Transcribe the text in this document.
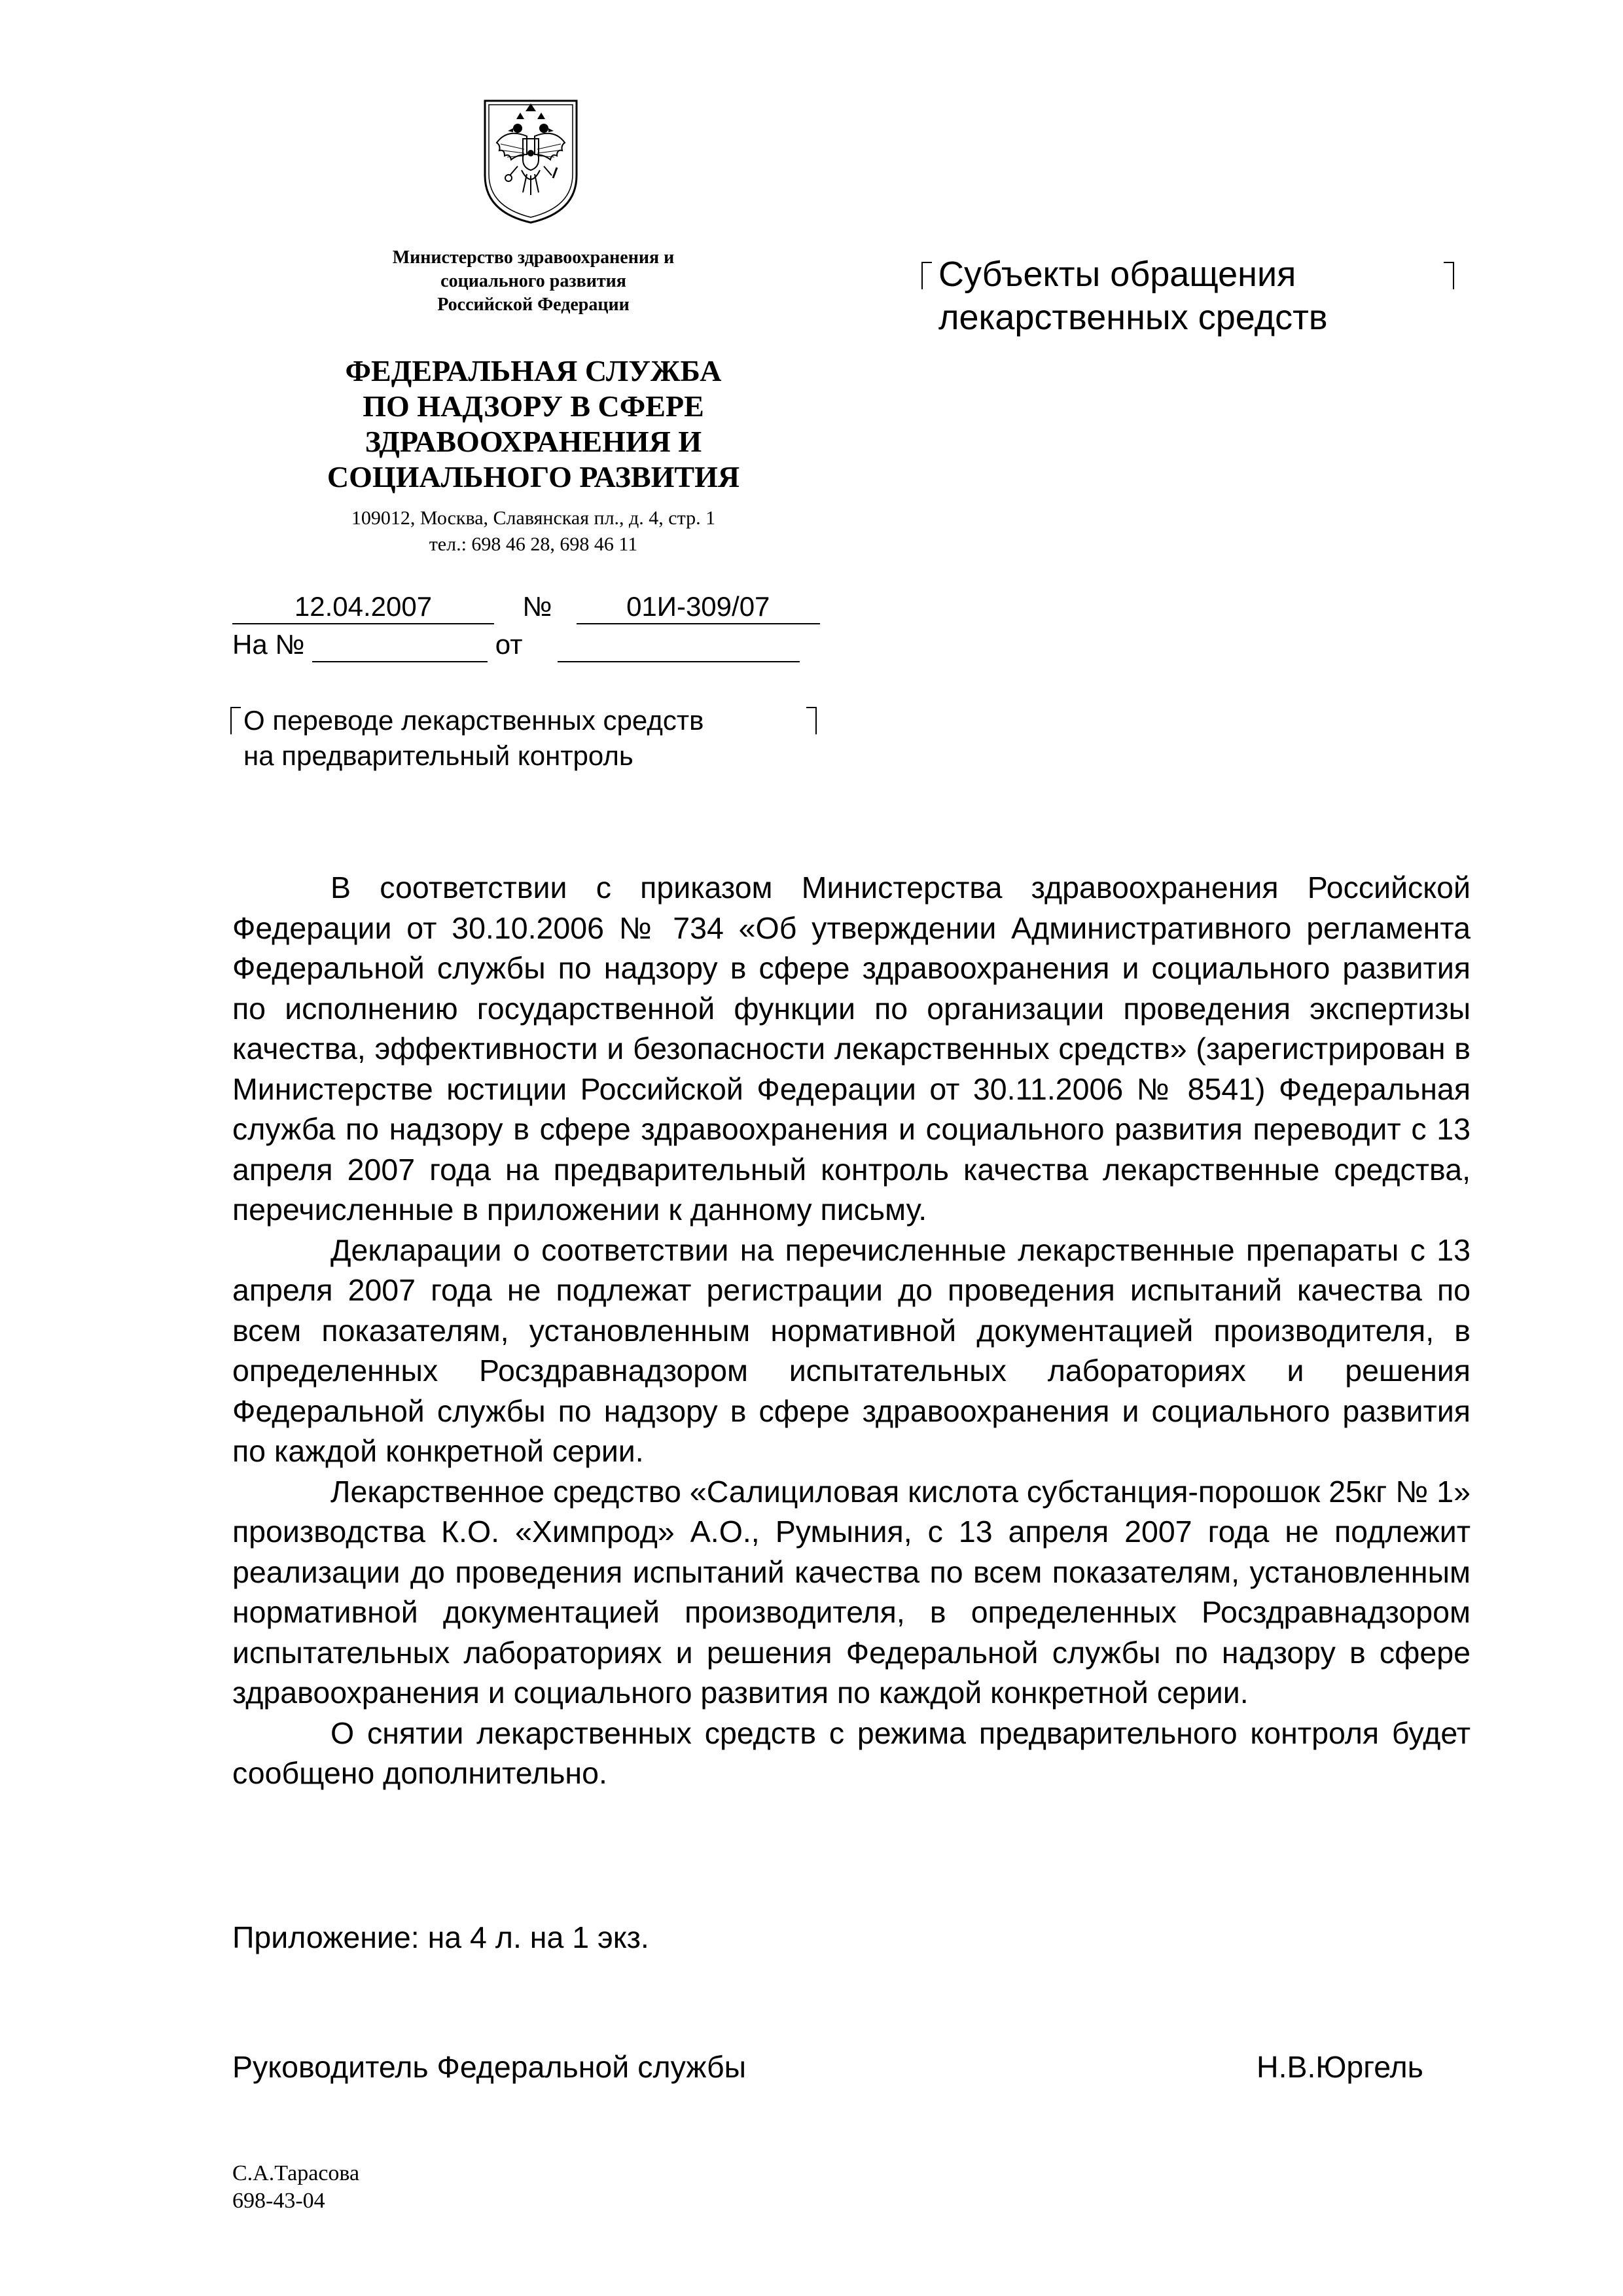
Министерство здравоохранения и
социального развития
Российской Федерации
ФЕДЕРАЛЬНАЯ СЛУЖБА
ПО НАДЗОРУ В СФЕРЕ
ЗДРАВООХРАНЕНИЯ И
СОЦИАЛЬНОГО РАЗВИТИЯ
109012, Москва, Славянская пл., д. 4, стр. 1
тел.: 698 46 28, 698 46 11
12.04.2007	№	01И-309/07
На №	от
О переводе лекарственных средств
на предварительный контроль
Субъекты обращения
лекарственных средств

В соответствии с приказом Министерства здравоохранения Российской Федерации от 30.10.2006 № 734 «Об утверждении Административного регламента Федеральной службы по надзору в сфере здравоохранения и социального развития по исполнению государственной функции по организации проведения экспертизы качества, эффективности и безопасности лекарственных средств» (зарегистрирован в Министерстве юстиции Российской Федерации от 30.11.2006 № 8541) Федеральная служба по надзору в сфере здравоохранения и социального развития переводит с 13 апреля 2007 года на предварительный контроль качества лекарственные средства, перечисленные в приложении к данному письму.

Декларации о соответствии на перечисленные лекарственные препараты с 13 апреля 2007 года не подлежат регистрации до проведения испытаний качества по всем показателям, установленным нормативной документацией производителя, в определенных Росздравнадзором испытательных лабораториях и решения Федеральной службы по надзору в сфере здравоохранения и социального развития по каждой конкретной серии.

Лекарственное средство «Салициловая кислота субстанция-порошок 25кг № 1» производства К.О. «Химпрод» А.О., Румыния, с 13 апреля 2007 года не подлежит реализации до проведения испытаний качества по всем показателям, установленным нормативной документацией производителя, в определенных Росздравнадзором испытательных лабораториях и решения Федеральной службы по надзору в сфере здравоохранения и социального развития по каждой конкретной серии.

О снятии лекарственных средств с режима предварительного контроля будет сообщено дополнительно.

Приложение: на 4 л. на 1 экз.
Руководитель Федеральной службы	Н.В.Юргель
С.А.Тарасова
698-43-04
